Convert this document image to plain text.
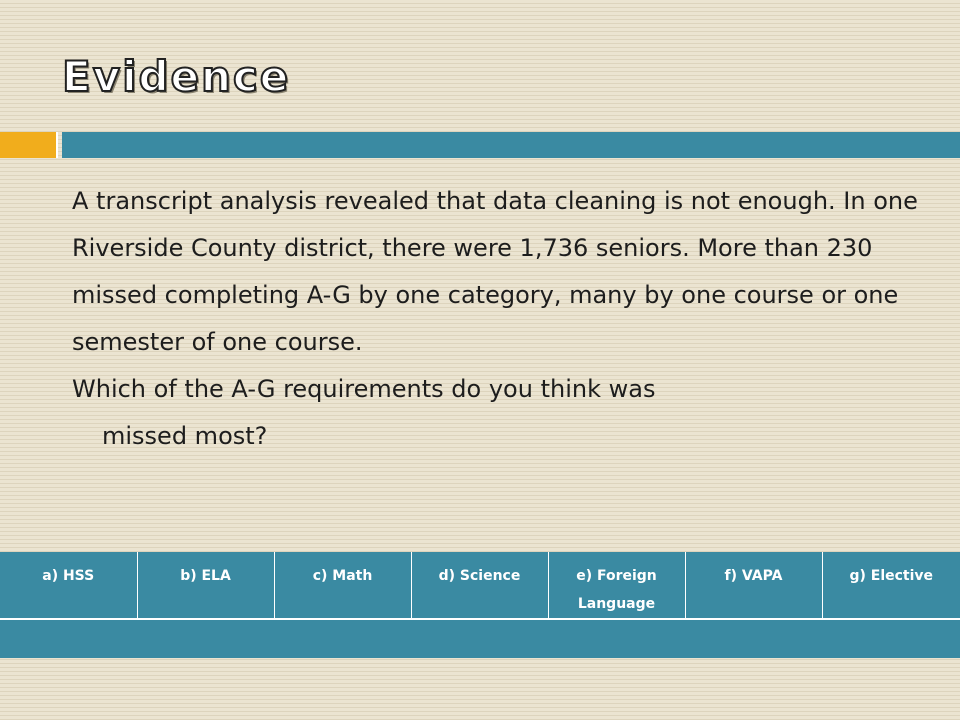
Evidence

A transcript analysis revealed that data cleaning is not enough. In one Riverside County district, there were 1,736 seniors. More than 230 missed completing A-G by one category, many by one course or one semester of one course.

Which of the A-G requirements do you think was
missed most?

a) HSS	b) ELA	c) Math	d) Science	e) Foreign Language	f) VAPA	g) Elective
